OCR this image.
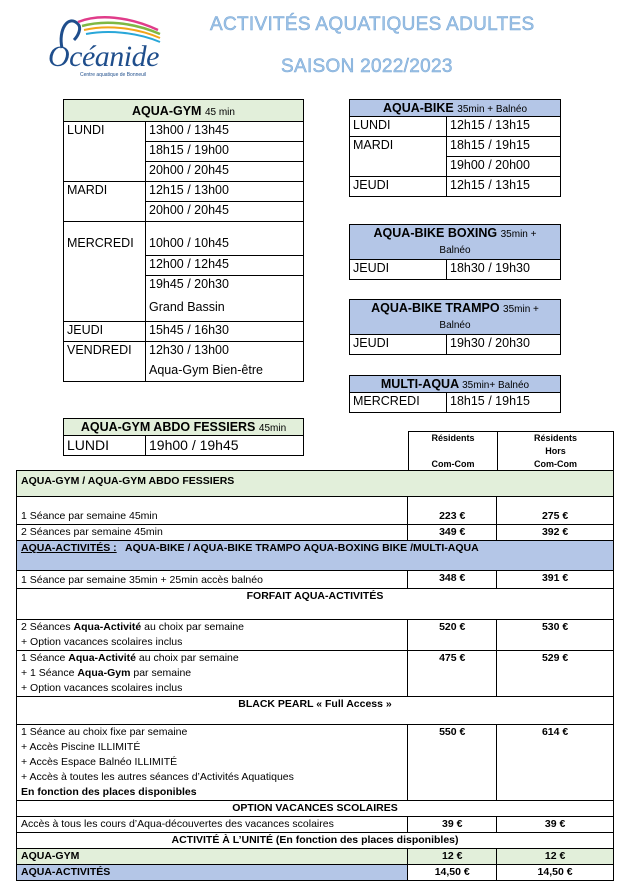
Océanide
Centre aquatique de Bonneuil
ACTIVITÉS AQUATIQUES ADULTES
SAISON 2022/2023
AQUA-GYM 45 min	
LUNDI	13h00 / 13h45
	18h15 / 19h00
	20h00 / 20h45
MARDI	12h15 / 13h00
	20h00 / 20h45
MERCREDI	10h00 / 10h45
	12h00 / 12h45
	19h45 / 20h30
	Grand Bassin
JEUDI	15h45 / 16h30
VENDREDI	12h30 / 13h00
	Aqua-Gym Bien-être
AQUA-GYM ABDO FESSIERS 45min
LUNDI	19h00 / 19h45
AQUA-BIKE 35min + Balnéo	
LUNDI	12h15 / 13h15
MARDI	18h15 / 19h15
	19h00 / 20h00
JEUDI	12h15 / 13h15
AQUA-BIKE BOXING 35min +
Balnéo
JEUDI	18h30 / 19h30
AQUA-BIKE TRAMPO 35min +
Balnéo
JEUDI	19h30 / 20h30
MULTI-AQUA 35min+ Balnéo
MERCREDI	18h15 / 19h15
Résidents
Com-Com
Résidents
Hors
Com-Com
AQUA-GYM / AQUA-GYM ABDO FESSIERS		
1 Séance par semaine 45min	223 €	275 €
2 Séances par semaine 45min	349 €	392 €
AQUA-ACTIVITÉS : AQUA-BIKE / AQUA-BIKE TRAMPO AQUA-BOXING BIKE /MULTI-AQUA		
1 Séance par semaine 35min + 25min accès balnéo	348 €	391 €
FORFAIT AQUA-ACTIVITÉS		
2 Séances Aqua-Activité au choix par semaine
+ Option vacances scolaires inclus	520 €	530 €
1 Séance Aqua-Activité au choix par semaine
+ 1 Séance Aqua-Gym par semaine
+ Option vacances scolaires inclus	475 €	529 €
BLACK PEARL « Full Access »		
1 Séance au choix fixe par semaine
+ Accès Piscine ILLIMITÉ
+ Accès Espace Balnéo ILLIMITÉ
+ Accès à toutes les autres séances d’Activités Aquatiques
En fonction des places disponibles	550 €	614 €
OPTION VACANCES SCOLAIRES		
Accès à tous les cours d’Aqua-découvertes des vacances scolaires	39 €	39 €
ACTIVITÉ À L’UNITÉ (En fonction des places disponibles)		
AQUA-GYM	12 €	12 €
AQUA-ACTIVITÉS	14,50 €	14,50 €
